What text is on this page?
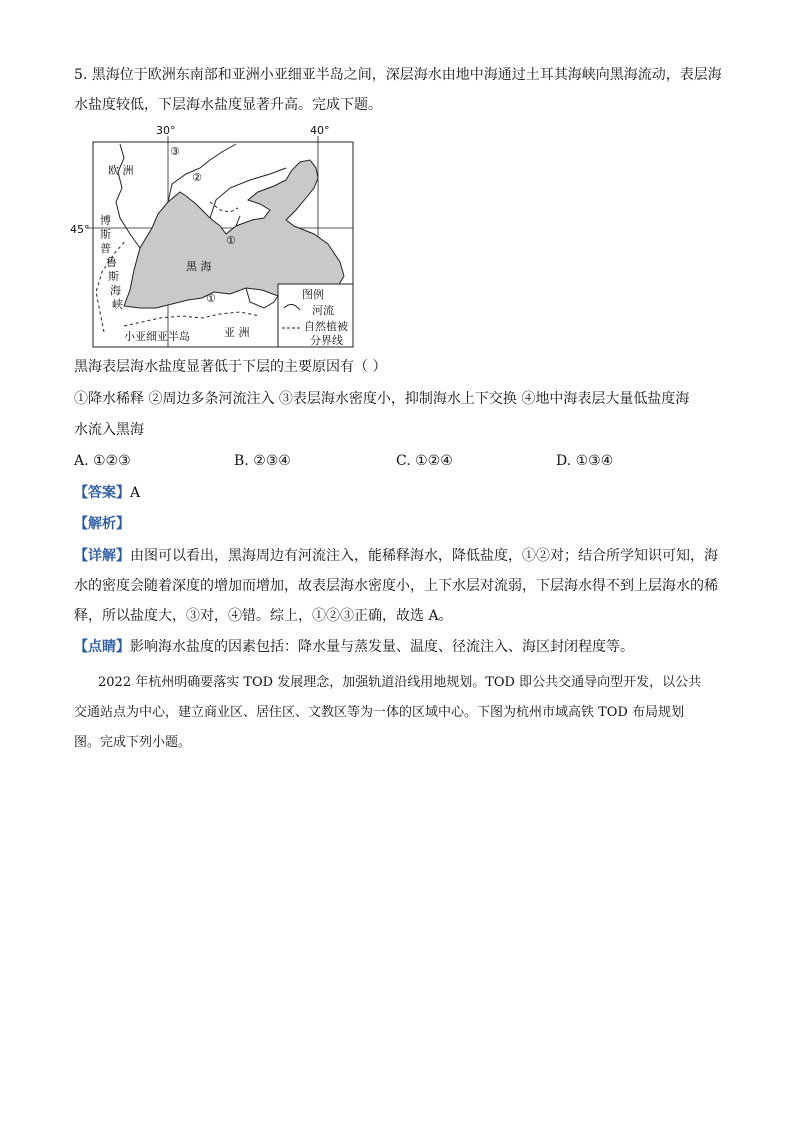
5. 黑海位于欧洲东南部和亚洲小亚细亚半岛之间，深层海水由地中海通过土耳其海峡向黑海流动，表层海
水盐度较低，下层海水盐度显著升高。完成下题。
30°	40°
45°
欧 洲
黑 海
小亚细亚半岛	亚 洲
博
斯
普
鲁
斯
海
峡
③
②
①
①	图例
河流
自然植被
分界线
黑海表层海水盐度显著低于下层的主要原因有（ ）
①降水稀释 ②周边多条河流注入 ③表层海水密度小，抑制海水上下交换 ④地中海表层大量低盐度海
水流入黑海
A. ①②③	B. ②③④	C. ①②④	D. ①③④
【答案】A
【解析】
【详解】由图可以看出，黑海周边有河流注入，能稀释海水，降低盐度，①②对；结合所学知识可知，海
水的密度会随着深度的增加而增加，故表层海水密度小，上下水层对流弱，下层海水得不到上层海水的稀
释，所以盐度大，③对，④错。综上，①②③正确，故选 A。
【点睛】影响海水盐度的因素包括：降水量与蒸发量、温度、径流注入、海区封闭程度等。
2022 年杭州明确要落实 TOD 发展理念，加强轨道沿线用地规划。TOD 即公共交通导向型开发，以公共
交通站点为中心，建立商业区、居住区、文教区等为一体的区域中心。下图为杭州市域高铁 TOD 布局规划
图。完成下列小题。
